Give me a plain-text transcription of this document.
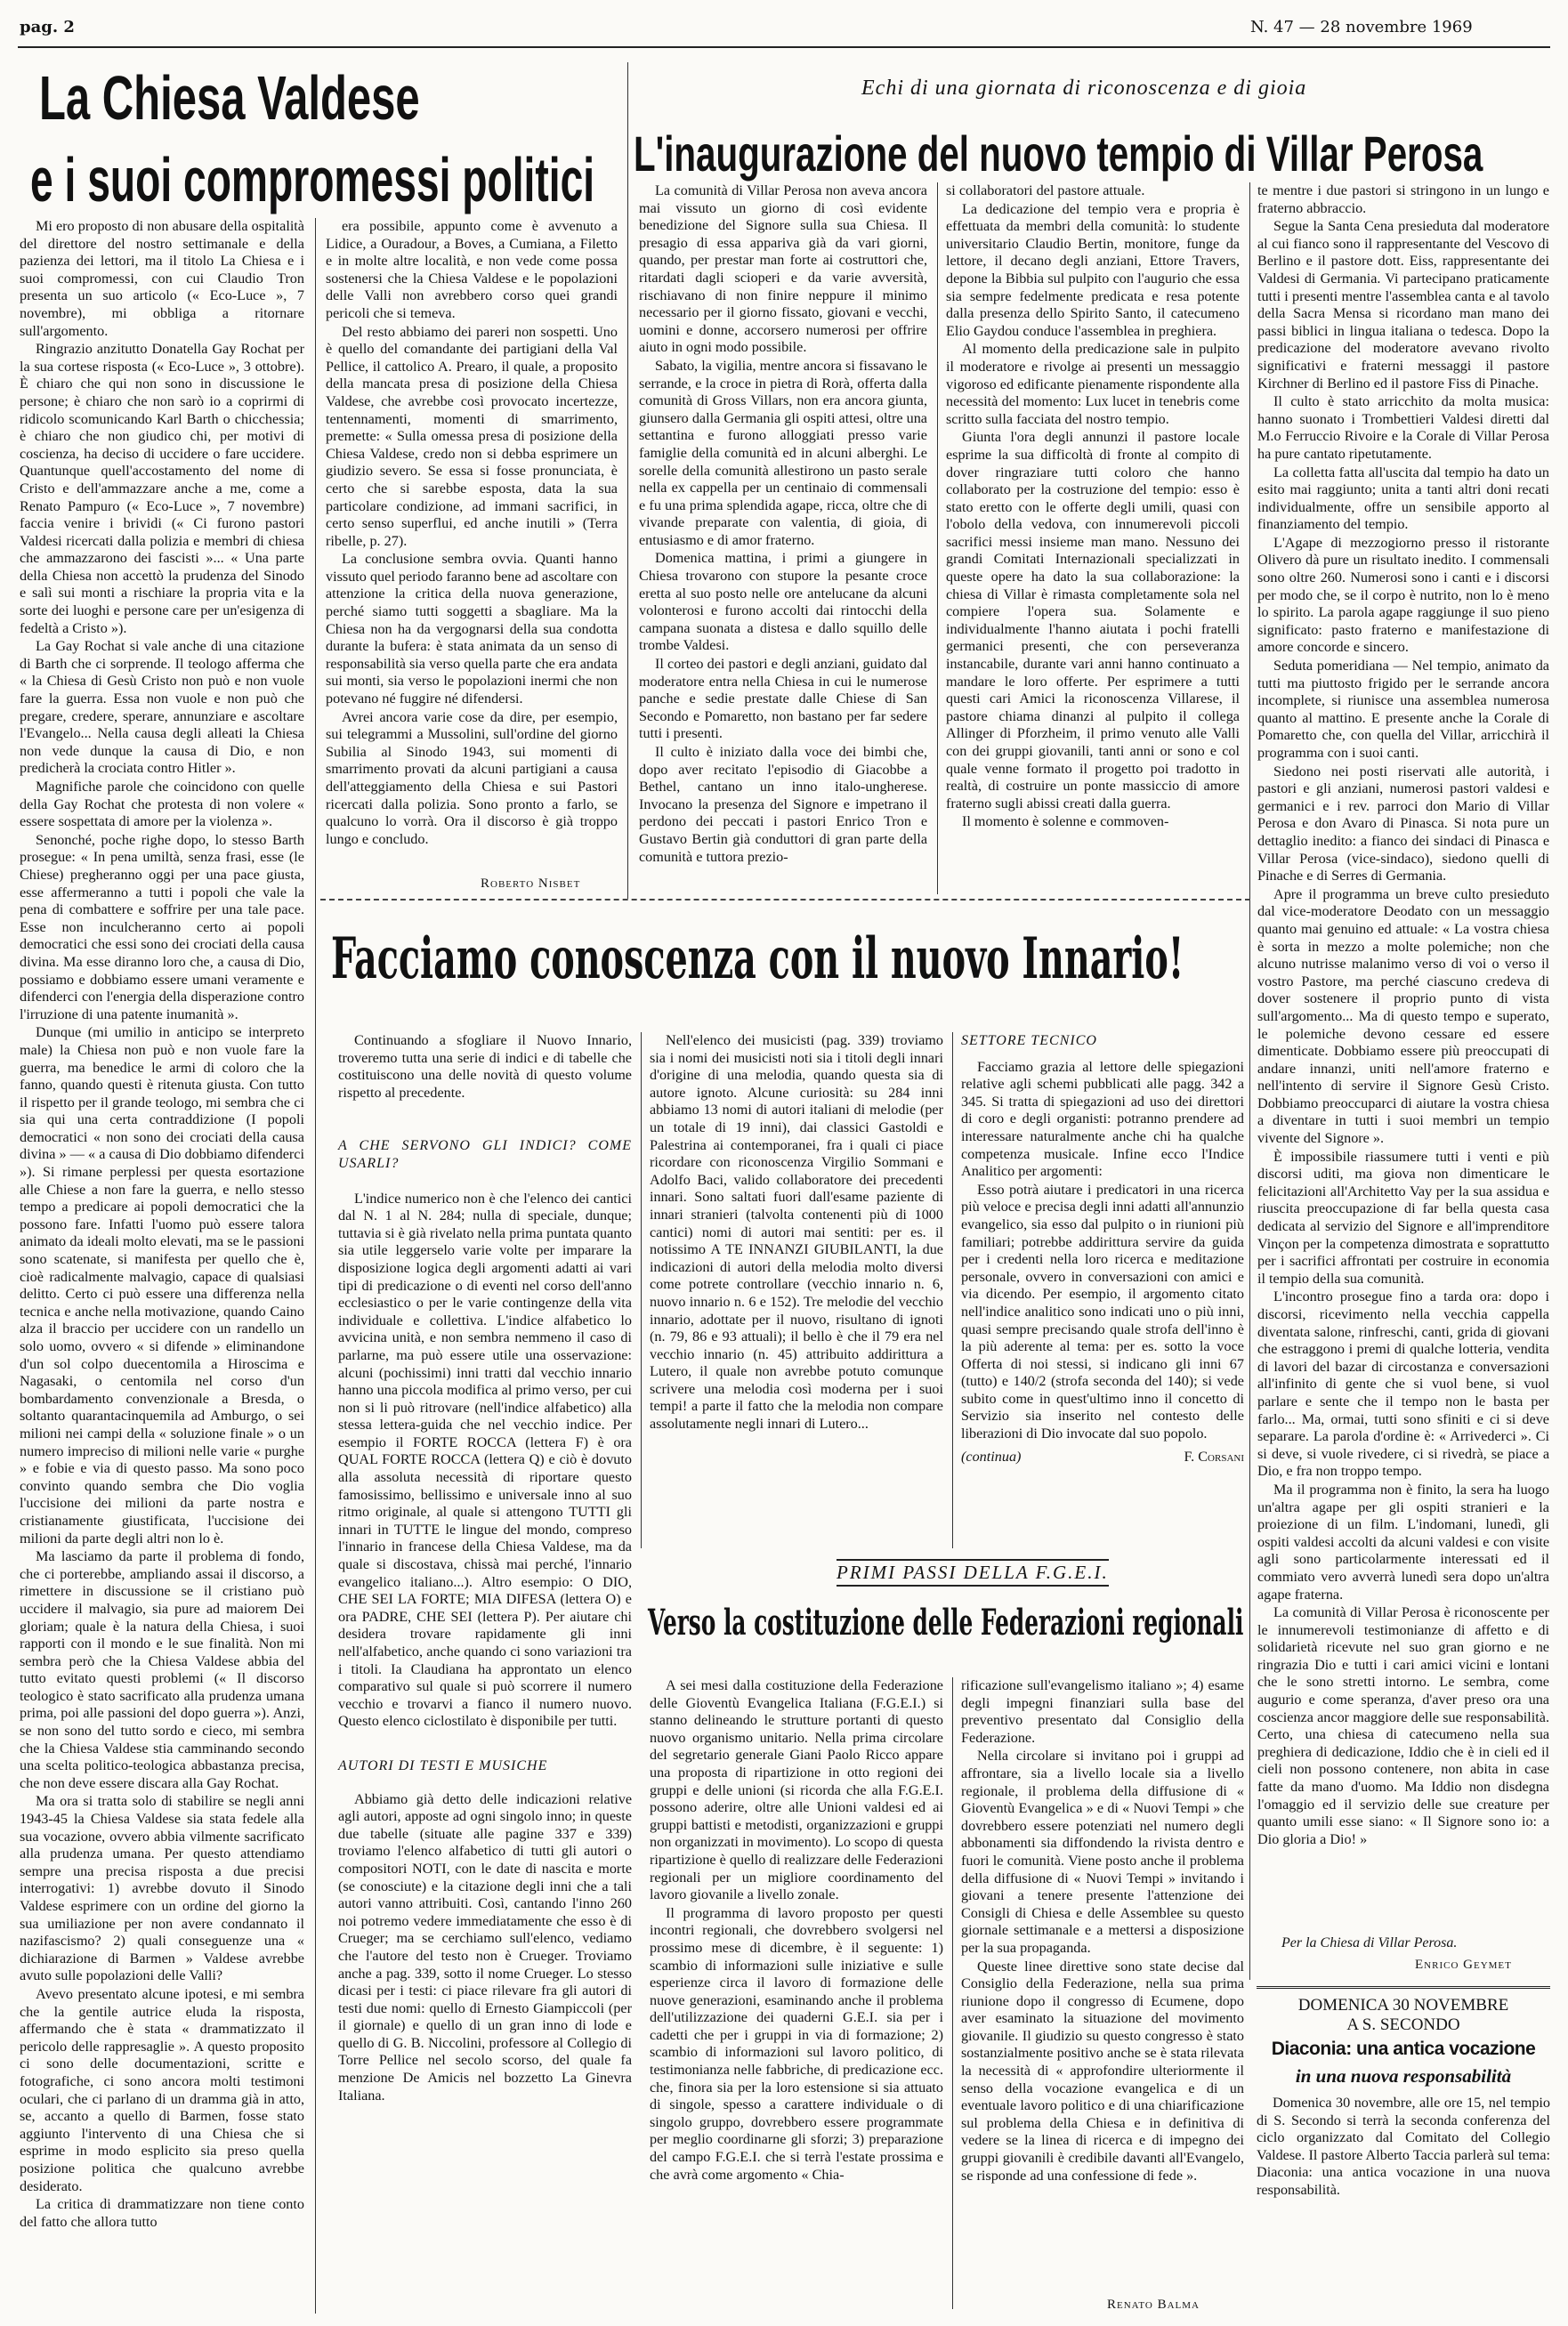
pag. 2	N. 47 — 28 novembre 1969
La Chiesa Valdese
e i suoi compromessi politici

Mi ero proposto di non abusare della ospitalità del direttore del nostro settimanale e della pazienza dei lettori, ma il titolo La Chiesa e i suoi compromessi, con cui Claudio Tron presenta un suo articolo (« Eco-Luce », 7 novembre), mi obbliga a ritornare sull'argomento.

Ringrazio anzitutto Donatella Gay Rochat per la sua cortese risposta (« Eco-Luce », 3 ottobre). È chiaro che qui non sono in discussione le persone; è chiaro che non sarò io a coprirmi di ridicolo scomunicando Karl Barth o chicchessia; è chiaro che non giudico chi, per motivi di coscienza, ha deciso di uccidere o fare uccidere. Quantunque quell'accostamento del nome di Cristo e dell'ammazzare anche a me, come a Renato Pampuro (« Eco-Luce », 7 novembre) faccia venire i brividi (« Ci furono pastori Valdesi ricercati dalla polizia e membri di chiesa che ammazzarono dei fascisti »... « Una parte della Chiesa non accettò la prudenza del Sinodo e salì sui monti a rischiare la propria vita e la sorte dei luoghi e persone care per un'esigenza di fedeltà a Cristo »).

La Gay Rochat si vale anche di una citazione di Barth che ci sorprende. Il teologo afferma che « la Chiesa di Gesù Cristo non può e non vuole fare la guerra. Essa non vuole e non può che pregare, credere, sperare, annunziare e ascoltare l'Evangelo... Nella causa degli alleati la Chiesa non vede dunque la causa di Dio, e non predicherà la crociata contro Hitler ».

Magnifiche parole che coincidono con quelle della Gay Rochat che protesta di non volere « essere sospettata di amore per la violenza ».

Senonché, poche righe dopo, lo stesso Barth prosegue: « In pena umiltà, senza frasi, esse (le Chiese) pregheranno oggi per una pace giusta, esse affermeranno a tutti i popoli che vale la pena di combattere e soffrire per una tale pace. Esse non inculcheranno certo ai popoli democratici che essi sono dei crociati della causa divina. Ma esse diranno loro che, a causa di Dio, possiamo e dobbiamo essere umani veramente e difenderci con l'energia della disperazione contro l'irruzione di una patente inumanità ».

Dunque (mi umilio in anticipo se interpreto male) la Chiesa non può e non vuole fare la guerra, ma benedice le armi di coloro che la fanno, quando questi è ritenuta giusta. Con tutto il rispetto per il grande teologo, mi sembra che ci sia qui una certa contraddizione (I popoli democratici « non sono dei crociati della causa divina » — « a causa di Dio dobbiamo difenderci »). Si rimane perplessi per questa esortazione alle Chiese a non fare la guerra, e nello stesso tempo a predicare ai popoli democratici che la possono fare. Infatti l'uomo può essere talora animato da ideali molto elevati, ma se le passioni sono scatenate, si manifesta per quello che è, cioè radicalmente malvagio, capace di qualsiasi delitto. Certo ci può essere una differenza nella tecnica e anche nella motivazione, quando Caino alza il braccio per uccidere con un randello un solo uomo, ovvero « si difende » eliminandone d'un sol colpo duecentomila a Hiroscima e Nagasaki, o centomila nel corso d'un bombardamento convenzionale a Bresda, o soltanto quarantacinquemila ad Amburgo, o sei milioni nei campi della « soluzione finale » o un numero impreciso di milioni nelle varie « purghe » e fobie e via di questo passo. Ma sono poco convinto quando sembra che Dio voglia l'uccisione dei milioni da parte nostra e cristianamente giustificata, l'uccisione dei milioni da parte degli altri non lo è.

Ma lasciamo da parte il problema di fondo, che ci porterebbe, ampliando assai il discorso, a rimettere in discussione se il cristiano può uccidere il malvagio, sia pure ad maiorem Dei gloriam; quale è la natura della Chiesa, i suoi rapporti con il mondo e le sue finalità. Non mi sembra però che la Chiesa Valdese abbia del tutto evitato questi problemi (« Il discorso teologico è stato sacrificato alla prudenza umana prima, poi alle passioni del dopo guerra »). Anzi, se non sono del tutto sordo e cieco, mi sembra che la Chiesa Valdese stia camminando secondo una scelta politico-teologica abbastanza precisa, che non deve essere discara alla Gay Rochat.

Ma ora si tratta solo di stabilire se negli anni 1943-45 la Chiesa Valdese sia stata fedele alla sua vocazione, ovvero abbia vilmente sacrificato alla prudenza umana. Per questo attendiamo sempre una precisa risposta a due precisi interrogativi: 1) avrebbe dovuto il Sinodo Valdese esprimere con un ordine del giorno la sua umiliazione per non avere condannato il nazifascismo? 2) quali conseguenze una « dichiarazione di Barmen » Valdese avrebbe avuto sulle popolazioni delle Valli?

Avevo presentato alcune ipotesi, e mi sembra che la gentile autrice eluda la risposta, affermando che è stata « drammatizzato il pericolo delle rappresaglie ». A questo proposito ci sono delle documentazioni, scritte e fotografiche, ci sono ancora molti testimoni oculari, che ci parlano di un dramma già in atto, se, accanto a quello di Barmen, fosse stato aggiunto l'intervento di una Chiesa che si esprime in modo esplicito sia preso quella posizione politica che qualcuno avrebbe desiderato.

La critica di drammatizzare non tiene conto del fatto che allora tutto

era possibile, appunto come è avvenuto a Lidice, a Ouradour, a Boves, a Cumiana, a Filetto e in molte altre località, e non vede come possa sostenersi che la Chiesa Valdese e le popolazioni delle Valli non avrebbero corso quei grandi pericoli che si temeva.

Del resto abbiamo dei pareri non sospetti. Uno è quello del comandante dei partigiani della Val Pellice, il cattolico A. Prearo, il quale, a proposito della mancata presa di posizione della Chiesa Valdese, che avrebbe così provocato incertezze, tentennamenti, momenti di smarrimento, premette: « Sulla omessa presa di posizione della Chiesa Valdese, credo non si debba esprimere un giudizio severo. Se essa si fosse pronunciata, è certo che si sarebbe esposta, data la sua particolare condizione, ad immani sacrifici, in certo senso superflui, ed anche inutili » (Terra ribelle, p. 27).

La conclusione sembra ovvia. Quanti hanno vissuto quel periodo faranno bene ad ascoltare con attenzione la critica della nuova generazione, perché siamo tutti soggetti a sbagliare. Ma la Chiesa non ha da vergognarsi della sua condotta durante la bufera: è stata animata da un senso di responsabilità sia verso quella parte che era andata sui monti, sia verso le popolazioni inermi che non potevano né fuggire né difendersi.

Avrei ancora varie cose da dire, per esempio, sui telegrammi a Mussolini, sull'ordine del giorno Subilia al Sinodo 1943, sui momenti di smarrimento provati da alcuni partigiani a causa dell'atteggiamento della Chiesa e sui Pastori ricercati dalla polizia. Sono pronto a farlo, se qualcuno lo vorrà. Ora il discorso è già troppo lungo e concludo.

Roberto Nisbet
Echi di una giornata di riconoscenza e di gioia
L'inaugurazione del nuovo tempio di Villar Perosa

La comunità di Villar Perosa non aveva ancora mai vissuto un giorno di così evidente benedizione del Signore sulla sua Chiesa. Il presagio di essa appariva già da vari giorni, quando, per prestar man forte ai costruttori che, ritardati dagli scioperi e da varie avversità, rischiavano di non finire neppure il minimo necessario per il giorno fissato, giovani e vecchi, uomini e donne, accorsero numerosi per offrire aiuto in ogni modo possibile.

Sabato, la vigilia, mentre ancora si fissavano le serrande, e la croce in pietra di Rorà, offerta dalla comunità di Gross Villars, non era ancora giunta, giunsero dalla Germania gli ospiti attesi, oltre una settantina e furono alloggiati presso varie famiglie della comunità ed in alcuni alberghi. Le sorelle della comunità allestirono un pasto serale nella ex cappella per un centinaio di commensali e fu una prima splendida agape, ricca, oltre che di vivande preparate con valentia, di gioia, di entusiasmo e di amor fraterno.

Domenica mattina, i primi a giungere in Chiesa trovarono con stupore la pesante croce eretta al suo posto nelle ore antelucane da alcuni volonterosi e furono accolti dai rintocchi della campana suonata a distesa e dallo squillo delle trombe Valdesi.

Il corteo dei pastori e degli anziani, guidato dal moderatore entra nella Chiesa in cui le numerose panche e sedie prestate dalle Chiese di San Secondo e Pomaretto, non bastano per far sedere tutti i presenti.

Il culto è iniziato dalla voce dei bimbi che, dopo aver recitato l'episodio di Giacobbe a Bethel, cantano un inno italo-ungherese. Invocano la presenza del Signore e impetrano il perdono dei peccati i pastori Enrico Tron e Gustavo Bertin già conduttori di gran parte della comunità e tuttora prezio-

si collaboratori del pastore attuale.

La dedicazione del tempio vera e propria è effettuata da membri della comunità: lo studente universitario Claudio Bertin, monitore, funge da lettore, il decano degli anziani, Ettore Travers, depone la Bibbia sul pulpito con l'augurio che essa sia sempre fedelmente predicata e resa potente dalla presenza dello Spirito Santo, il catecumeno Elio Gaydou conduce l'assemblea in preghiera.

Al momento della predicazione sale in pulpito il moderatore e rivolge ai presenti un messaggio vigoroso ed edificante pienamente rispondente alla necessità del momento: Lux lucet in tenebris come scritto sulla facciata del nostro tempio.

Giunta l'ora degli annunzi il pastore locale esprime la sua difficoltà di fronte al compito di dover ringraziare tutti coloro che hanno collaborato per la costruzione del tempio: esso è stato eretto con le offerte degli umili, quasi con l'obolo della vedova, con innumerevoli piccoli sacrifici messi insieme man mano. Nessuno dei grandi Comitati Internazionali specializzati in queste opere ha dato la sua collaborazione: la chiesa di Villar è rimasta completamente sola nel compiere l'opera sua. Solamente e individualmente l'hanno aiutata i pochi fratelli germanici presenti, che con perseveranza instancabile, durante vari anni hanno continuato a mandare le loro offerte. Per esprimere a tutti questi cari Amici la riconoscenza Villarese, il pastore chiama dinanzi al pulpito il collega Allinger di Pforzheim, il primo venuto alle Valli con dei gruppi giovanili, tanti anni or sono e col quale venne formato il progetto poi tradotto in realtà, di costruire un ponte massiccio di amore fraterno sugli abissi creati dalla guerra.

Il momento è solenne e commoven-

te mentre i due pastori si stringono in un lungo e fraterno abbraccio.

Segue la Santa Cena presieduta dal moderatore al cui fianco sono il rappresentante del Vescovo di Berlino e il pastore dott. Eiss, rappresentante dei Valdesi di Germania. Vi partecipano praticamente tutti i presenti mentre l'assemblea canta e al tavolo della Sacra Mensa si ricordano man mano dei passi biblici in lingua italiana o tedesca. Dopo la predicazione del moderatore avevano rivolto significativi e fraterni messaggi il pastore Kirchner di Berlino ed il pastore Fiss di Pinache.

Il culto è stato arricchito da molta musica: hanno suonato i Trombettieri Valdesi diretti dal M.o Ferruccio Rivoire e la Corale di Villar Perosa ha pure cantato ripetutamente.

La colletta fatta all'uscita dal tempio ha dato un esito mai raggiunto; unita a tanti altri doni recati individualmente, offre un sensibile apporto al finanziamento del tempio.

L'Agape di mezzogiorno presso il ristorante Olivero dà pure un risultato inedito. I commensali sono oltre 260. Numerosi sono i canti e i discorsi per modo che, se il corpo è nutrito, non lo è meno lo spirito. La parola agape raggiunge il suo pieno significato: pasto fraterno e manifestazione di amore concorde e sincero.

Seduta pomeridiana — Nel tempio, animato da tutti ma piuttosto frigido per le serrande ancora incomplete, si riunisce una assemblea numerosa quanto al mattino. E presente anche la Corale di Pomaretto che, con quella del Villar, arricchirà il programma con i suoi canti.

Siedono nei posti riservati alle autorità, i pastori e gli anziani, numerosi pastori valdesi e germanici e i rev. parroci don Mario di Villar Perosa e don Avaro di Pinasca. Si nota pure un dettaglio inedito: a fianco dei sindaci di Pinasca e Villar Perosa (vice-sindaco), siedono quelli di Pinache e di Serres di Germania.

Apre il programma un breve culto presieduto dal vice-moderatore Deodato con un messaggio quanto mai genuino ed attuale: « La vostra chiesa è sorta in mezzo a molte polemiche; non che alcuno nutrisse malanimo verso di voi o verso il vostro Pastore, ma perché ciascuno credeva di dover sostenere il proprio punto di vista sull'argomento... Ma di questo tempo e superato, le polemiche devono cessare ed essere dimenticate. Dobbiamo essere più preoccupati di andare innanzi, uniti nell'amore fraterno e nell'intento di servire il Signore Gesù Cristo. Dobbiamo preoccuparci di aiutare la vostra chiesa a diventare in tutti i suoi membri un tempio vivente del Signore ».

È impossibile riassumere tutti i venti e più discorsi uditi, ma giova non dimenticare le felicitazioni all'Architetto Vay per la sua assidua e riuscita preoccupazione di far bella questa casa dedicata al servizio del Signore e all'imprenditore Vinçon per la competenza dimostrata e soprattutto per i sacrifici affrontati per costruire in economia il tempio della sua comunità.

L'incontro prosegue fino a tarda ora: dopo i discorsi, ricevimento nella vecchia cappella diventata salone, rinfreschi, canti, grida di giovani che estraggono i premi di qualche lotteria, vendita di lavori del bazar di circostanza e conversazioni all'infinito di gente che si vuol bene, si vuol parlare e sente che il tempo non le basta per farlo... Ma, ormai, tutti sono sfiniti e ci si deve separare. La parola d'ordine è: « Arrivederci ». Ci si deve, si vuole rivedere, ci si rivedrà, se piace a Dio, e fra non troppo tempo.

Ma il programma non è finito, la sera ha luogo un'altra agape per gli ospiti stranieri e la proiezione di un film. L'indomani, lunedì, gli ospiti valdesi accolti da alcuni valdesi e con visite agli sono particolarmente interessati ed il commiato vero avverrà lunedì sera dopo un'altra agape fraterna.

La comunità di Villar Perosa è riconoscente per le innumerevoli testimonianze di affetto e di solidarietà ricevute nel suo gran giorno e ne ringrazia Dio e tutti i cari amici vicini e lontani che le sono stretti intorno. Le sembra, come augurio e come speranza, d'aver preso ora una coscienza ancor maggiore delle sue responsabilità. Certo, una chiesa di catecumeno nella sua preghiera di dedicazione, Iddio che è in cieli ed il cieli non possono contenere, non abita in case fatte da mano d'uomo. Ma Iddio non disdegna l'omaggio ed il servizio delle sue creature per quanto umili esse siano: « Il Signore sono io: a Dio gloria a Dio! »

Per la Chiesa di Villar Perosa.
Enrico Geymet
Facciamo conoscenza con il nuovo Innario!

Continuando a sfogliare il Nuovo Innario, troveremo tutta una serie di indici e di tabelle che costituiscono una delle novità di questo volume rispetto al precedente.

A CHE SERVONO GLI INDICI? COME USARLI?

L'indice numerico non è che l'elenco dei cantici dal N. 1 al N. 284; nulla di speciale, dunque; tuttavia si è già rivelato nella prima puntata quanto sia utile leggerselo varie volte per imparare la disposizione logica degli argomenti adatti ai vari tipi di predicazione o di eventi nel corso dell'anno ecclesiastico o per le varie contingenze della vita individuale e collettiva. L'indice alfabetico lo avvicina unità, e non sembra nemmeno il caso di parlarne, ma può essere utile una osservazione: alcuni (pochissimi) inni tratti dal vecchio innario hanno una piccola modifica al primo verso, per cui non si li può ritrovare (nell'indice alfabetico) alla stessa lettera-guida che nel vecchio indice. Per esempio il FORTE ROCCA (lettera F) è ora QUAL FORTE ROCCA (lettera Q) e ciò è dovuto alla assoluta necessità di riportare questo famosissimo, bellissimo e universale inno al suo ritmo originale, al quale si attengono TUTTI gli innari in TUTTE le lingue del mondo, compreso l'innario in francese della Chiesa Valdese, ma da quale si discostava, chissà mai perché, l'innario evangelico italiano...). Altro esempio: O DIO, CHE SEI LA FORTE; MIA DIFESA (lettera O) e ora PADRE, CHE SEI (lettera P). Per aiutare chi desidera trovare rapidamente gli inni nell'alfabetico, anche quando ci sono variazioni tra i titoli. Ia Claudiana ha approntato un elenco comparativo sul quale si può scorrere il numero vecchio e trovarvi a fianco il numero nuovo. Questo elenco ciclostilato è disponibile per tutti.

AUTORI DI TESTI E MUSICHE

Abbiamo già detto delle indicazioni relative agli autori, apposte ad ogni singolo inno; in queste due tabelle (situate alle pagine 337 e 339) troviamo l'elenco alfabetico di tutti gli autori o compositori NOTI, con le date di nascita e morte (se conosciute) e la citazione degli inni che a tali autori vanno attribuiti. Così, cantando l'inno 260 noi potremo vedere immediatamente che esso è di Crueger; ma se cerchiamo sull'elenco, vediamo che l'autore del testo non è Crueger. Troviamo anche a pag. 339, sotto il nome Crueger. Lo stesso dicasi per i testi: ci piace rilevare fra gli autori di testi due nomi: quello di Ernesto Giampiccoli (per il giornale) e quello di un gran inno di lode e quello di G. B. Niccolini, professore al Collegio di Torre Pellice nel secolo scorso, del quale fa menzione De Amicis nel bozzetto La Ginevra Italiana.

Nell'elenco dei musicisti (pag. 339) troviamo sia i nomi dei musicisti noti sia i titoli degli innari d'origine di una melodia, quando questa sia di autore ignoto. Alcune curiosità: su 284 inni abbiamo 13 nomi di autori italiani di melodie (per un totale di 19 inni), dai classici Gastoldi e Palestrina ai contemporanei, fra i quali ci piace ricordare con riconoscenza Virgilio Sommani e Adolfo Baci, valido collaboratore dei precedenti innari. Sono saltati fuori dall'esame paziente di innari stranieri (talvolta contenenti più di 1000 cantici) nomi di autori mai sentiti: per es. il notissimo A TE INNANZI GIUBILANTI, la due indicazioni di autori della melodia molto diversi come potrete controllare (vecchio innario n. 6, nuovo innario n. 6 e 152). Tre melodie del vecchio innario, adottate per il nuovo, risultano di ignoti (n. 79, 86 e 93 attuali); il bello è che il 79 era nel vecchio innario (n. 45) attribuito addirittura a Lutero, il quale non avrebbe potuto comunque scrivere una melodia così moderna per i suoi tempi! a parte il fatto che la melodia non compare assolutamente negli innari di Lutero...

SETTORE TECNICO

Facciamo grazia al lettore delle spiegazioni relative agli schemi pubblicati alle pagg. 342 a 345. Si tratta di spiegazioni ad uso dei direttori di coro e degli organisti: potranno prendere ad interessare naturalmente anche chi ha qualche competenza musicale. Infine ecco l'Indice Analitico per argomenti:

Esso potrà aiutare i predicatori in una ricerca più veloce e precisa degli inni adatti all'annunzio evangelico, sia esso dal pulpito o in riunioni più familiari; potrebbe addirittura servire da guida per i credenti nella loro ricerca e meditazione personale, ovvero in conversazioni con amici e via dicendo. Per esempio, il argomento citato nell'indice analitico sono indicati uno o più inni, quasi sempre precisando quale strofa dell'inno è la più aderente al tema: per es. sotto la voce Offerta di noi stessi, si indicano gli inni 67 (tutto) e 140/2 (strofa seconda del 140); si vede subito come in quest'ultimo inno il concetto di Servizio sia inserito nel contesto delle liberazioni di Dio invocate dal suo popolo.

(continua)	F. Corsani
PRIMI PASSI DELLA F.G.E.I.
Verso la costituzione delle Federazioni regionali

A sei mesi dalla costituzione della Federazione delle Gioventù Evangelica Italiana (F.G.E.I.) si stanno delineando le strutture portanti di questo nuovo organismo unitario. Nella prima circolare del segretario generale Giani Paolo Ricco appare una proposta di ripartizione in otto regioni dei gruppi e delle unioni (si ricorda che alla F.G.E.I. possono aderire, oltre alle Unioni valdesi ed ai gruppi battisti e metodisti, organizzazioni e gruppi non organizzati in movimento). Lo scopo di questa ripartizione è quello di realizzare delle Federazioni regionali per un migliore coordinamento del lavoro giovanile a livello zonale.

Il programma di lavoro proposto per questi incontri regionali, che dovrebbero svolgersi nel prossimo mese di dicembre, è il seguente: 1) scambio di informazioni sulle iniziative e sulle esperienze circa il lavoro di formazione delle nuove generazioni, esaminando anche il problema dell'utilizzazione dei quaderni G.E.I. sia per i cadetti che per i gruppi in via di formazione; 2) scambio di informazioni sul lavoro politico, di testimonianza nelle fabbriche, di predicazione ecc. che, finora sia per la loro estensione si sia attuato di singole, spesso a carattere individuale o di singolo gruppo, dovrebbero essere programmate per meglio coordinarne gli sforzi; 3) preparazione del campo F.G.E.I. che si terrà l'estate prossima e che avrà come argomento « Chia-

rificazione sull'evangelismo italiano »; 4) esame degli impegni finanziari sulla base del preventivo presentato dal Consiglio della Federazione.

Nella circolare si invitano poi i gruppi ad affrontare, sia a livello locale sia a livello regionale, il problema della diffusione di « Gioventù Evangelica » e di « Nuovi Tempi » che dovrebbero essere potenziati nel numero degli abbonamenti sia diffondendo la rivista dentro e fuori le comunità. Viene posto anche il problema della diffusione di « Nuovi Tempi » invitando i giovani a tenere presente l'attenzione dei Consigli di Chiesa e delle Assemblee su questo giornale settimanale e a mettersi a disposizione per la sua propaganda.

Queste linee direttive sono state decise dal Consiglio della Federazione, nella sua prima riunione dopo il congresso di Ecumene, dopo aver esaminato la situazione del movimento giovanile. Il giudizio su questo congresso è stato sostanzialmente positivo anche se è stata rilevata la necessità di « approfondire ulteriormente il senso della vocazione evangelica e di un eventuale lavoro politico e di una chiarificazione sul problema della Chiesa e in definitiva di vedere se la linea di ricerca e di impegno dei gruppi giovanili è credibile davanti all'Evangelo, se risponde ad una confessione di fede ».

Renato Balma
DOMENICA 30 NOVEMBRE
A S. SECONDO
Diaconia: una antica vocazione
in una nuova responsabilità
Domenica 30 novembre, alle ore 15, nel tempio di S. Secondo si terrà la seconda conferenza del ciclo organizzato dal Comitato del Collegio Valdese. Il pastore Alberto Taccia parlerà sul tema: Diaconia: una antica vocazione in una nuova responsabilità.
